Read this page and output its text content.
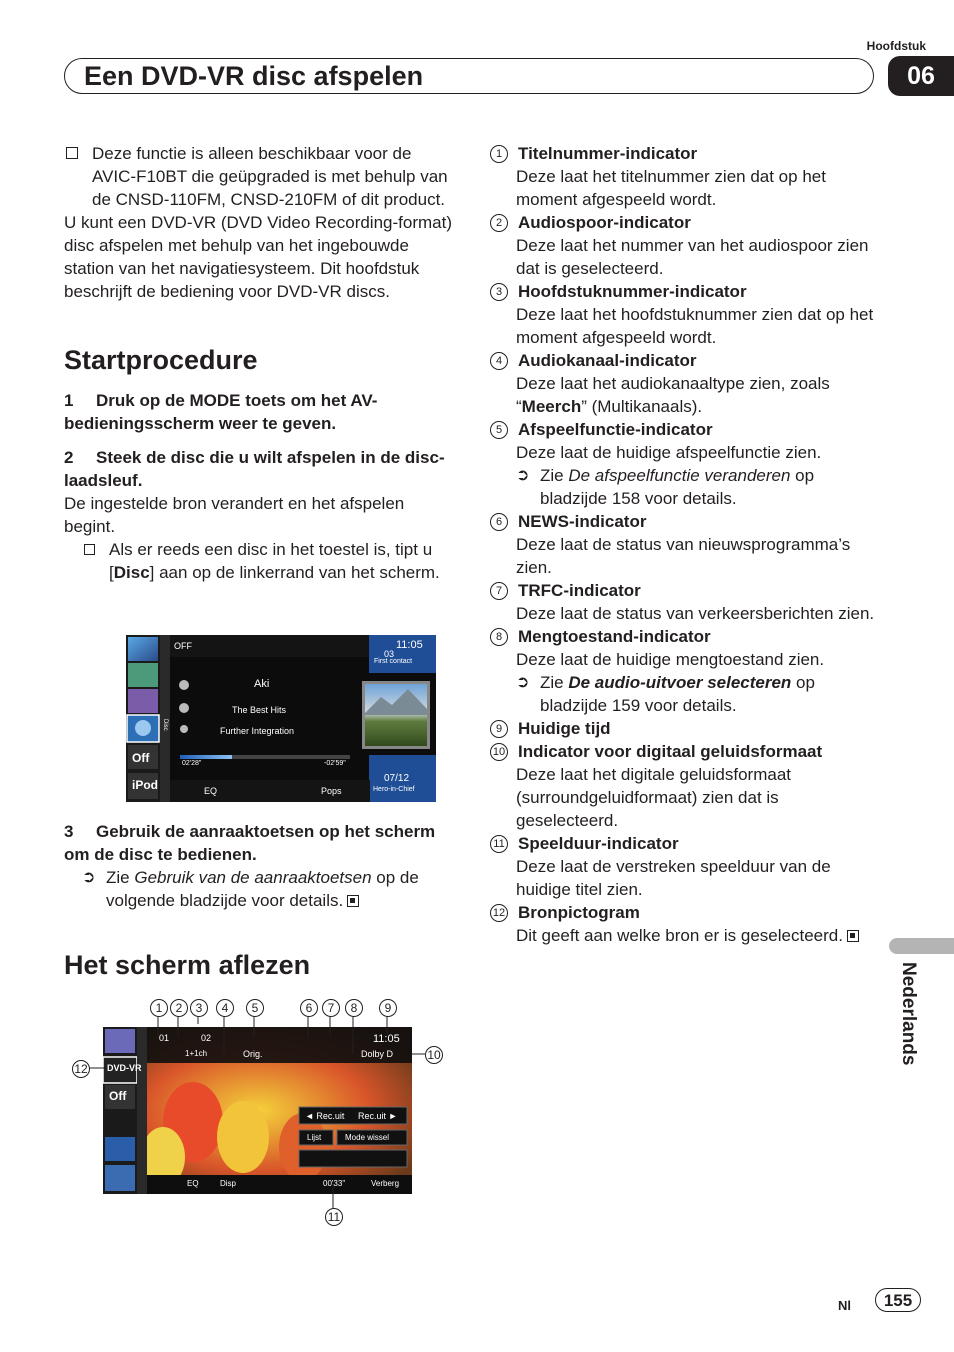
Hoofdstuk
Een DVD-VR disc afspelen	06

Deze functie is alleen beschikbaar voor de AVIC-F10BT die geüpgraded is met behulp van de CNSD-110FM, CNSD-210FM of dit product.

U kunt een DVD-VR (DVD Video Recording-format) disc afspelen met behulp van het ingebouwde station van het navigatiesysteem. Dit hoofdstuk beschrijft de bediening voor DVD-VR discs.

Startprocedure
1 Druk op de MODE toets om het AV-bedieningsscherm weer te geven.
2 Steek de disc die u wilt afspelen in de disc-laadsleuf.

De ingestelde bron verandert en het afspelen begint.

Als er reeds een disc in het toestel is, tipt u [Disc] aan op de linkerrand van het scherm.

OFF	11:05
03
First contact
Aki
The Best Hits
Further Integration
02'28"	-02'59"
EQ	Pops
07/12
Hero-in-Chief
Disc
Off
iPod
3 Gebruik de aanraaktoetsen op het scherm om de disc te bedienen.
➲ Zie Gebruik van de aanraaktoetsen op de volgende bladzijde voor details.

Het scherm aflezen
DVD-VR
Off
01	02
1+1ch	Orig.
11:05
Dolby D
◄ Rec.uit Rec.uit ►
Lijst	Mode wissel
EQ	Disp	00'33"	Verberg
1	2	3	4	5	6	7	8	9
10
11
12
1 Titelnummer-indicator

Deze laat het titelnummer zien dat op het moment afgespeeld wordt.

2 Audiospoor-indicator

Deze laat het nummer van het audiospoor zien dat is geselecteerd.

3 Hoofdstuknummer-indicator

Deze laat het hoofdstuknummer zien dat op het moment afgespeeld wordt.

4 Audiokanaal-indicator

Deze laat het audiokanaaltype zien, zoals “Meerch” (Multikanaals).

5 Afspeelfunctie-indicator

Deze laat de huidige afspeelfunctie zien.

➲ Zie De afspeelfunctie veranderen op bladzijde 158 voor details.

6 NEWS-indicator

Deze laat de status van nieuwsprogramma’s zien.

7 TRFC-indicator

Deze laat de status van verkeersberichten zien.

8 Mengtoestand-indicator

Deze laat de huidige mengtoestand zien.

➲ Zie De audio-uitvoer selecteren op bladzijde 159 voor details.

9 Huidige tijd
10 Indicator voor digitaal geluidsformaat

Deze laat het digitale geluidsformaat (surroundgeluidformaat) zien dat is geselecteerd.

11 Speelduur-indicator

Deze laat de verstreken speelduur van de huidige titel zien.

12 Bronpictogram

Dit geeft aan welke bron er is geselecteerd.

Nederlands
Nl	155
